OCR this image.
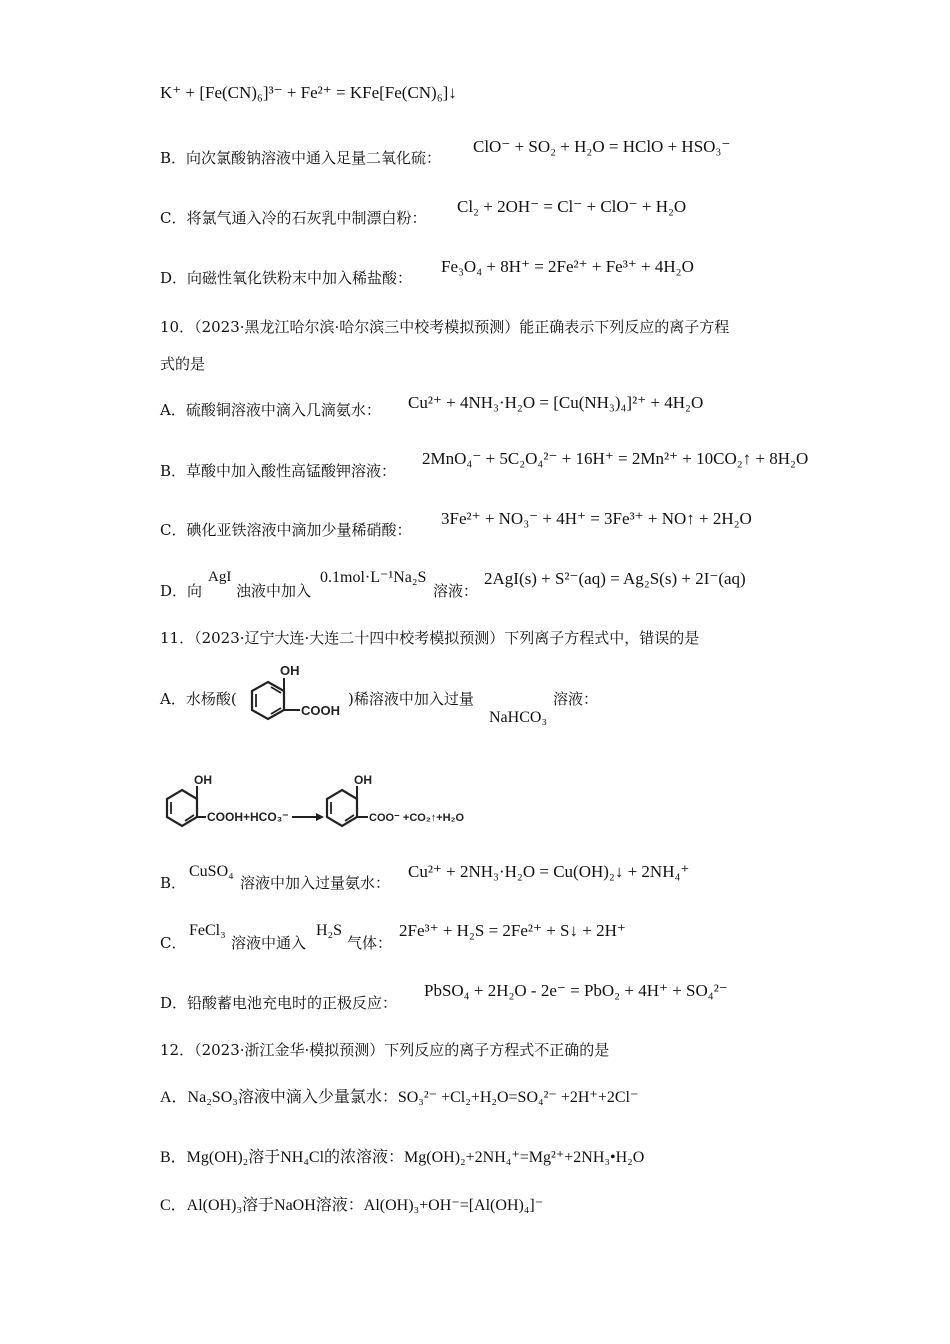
K⁺ + [Fe(CN)₆]³⁻ + Fe²⁺ = KFe[Fe(CN)₆]↓
B．向次氯酸钠溶液中通入足量二氧化硫：
ClO⁻ + SO₂ + H₂O = HClO + HSO₃⁻
C．将氯气通入冷的石灰乳中制漂白粉：
Cl₂ + 2OH⁻ = Cl⁻ + ClO⁻ + H₂O
D．向磁性氧化铁粉末中加入稀盐酸：
Fe₃O₄ + 8H⁺ = 2Fe²⁺ + Fe³⁺ + 4H₂O
10．（2023·黑龙江哈尔滨·哈尔滨三中校考模拟预测）能正确表示下列反应的离子方程
式的是
A．硫酸铜溶液中滴入几滴氨水： Cu²⁺ + 4NH₃·H₂O = [Cu(NH₃)₄]²⁺ + 4H₂O
B．草酸中加入酸性高锰酸钾溶液：
2MnO₄⁻ + 5C₂O₄²⁻ + 16H⁺ = 2Mn²⁺ + 10CO₂↑ + 8H₂O
C．碘化亚铁溶液中滴加少量稀硝酸：
3Fe²⁺ + NO₃⁻ + 4H⁺ = 3Fe³⁺ + NO↑ + 2H₂O
D．向
AgI
浊液中加入
0.1mol·L⁻¹Na₂S
溶液：
2AgI(s) + S²⁻(aq) = Ag₂S(s) + 2I⁻(aq)
11．（2023·辽宁大连·大连二十四中校考模拟预测）下列离子方程式中，错误的是
A．水杨酸(
OH
COOH
)稀溶液中加入过量	溶液：
NaHCO₃
OH
COOH+HCO₃⁻
OH
COO⁻ +CO₂↑+H₂O
B．
CuSO₄
溶液中加入过量氨水：
Cu²⁺ + 2NH₃·H₂O = Cu(OH)₂↓ + 2NH₄⁺
C．
FeCl₃
溶液中通入
H₂S
气体：
2Fe³⁺ + H₂S = 2Fe²⁺ + S↓ + 2H⁺
D．铅酸蓄电池充电时的正极反应：
PbSO₄ + 2H₂O - 2e⁻ = PbO₂ + 4H⁺ + SO₄²⁻
12．（2023·浙江金华·模拟预测）下列反应的离子方程式不正确的是
A．Na₂SO₃溶液中滴入少量氯水：SO₃²⁻ +Cl₂+H₂O=SO₄²⁻ +2H⁺+2Cl⁻
B．Mg(OH)₂溶于NH₄Cl的浓溶液：Mg(OH)₂+2NH₄⁺=Mg²⁺+2NH₃•H₂O
C．Al(OH)₃溶于NaOH溶液：Al(OH)₃+OH⁻=[Al(OH)₄]⁻
